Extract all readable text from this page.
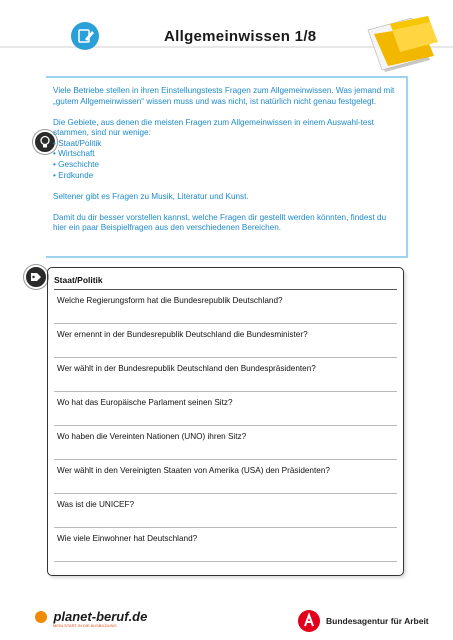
Allgemeinwissen 1/8

Viele Betriebe stellen in ihren Einstellungstests Fragen zum Allgemeinwissen. Was jemand mit „gutem Allgemeinwissen“ wissen muss und was nicht, ist natürlich nicht genau festgelegt.

Die Gebiete, aus denen die meisten Fragen zum Allgemeinwissen in einem Auswahl-test stammen, sind nur wenige:

• Staat/Politik
• Wirtschaft
• Geschichte
• Erdkunde

Seltener gibt es Fragen zu Musik, Literatur und Kunst.

Damit du dir besser vorstellen kannst, welche Fragen dir gestellt werden könnten, findest du hier ein paar Beispielfragen aus den verschiedenen Bereichen.

Staat/Politik
Welche Regierungsform hat die Bundesrepublik Deutschland?
Wer ernennt in der Bundesrepublik Deutschland die Bundesminister?
Wer wählt in der Bundesrepublik Deutschland den Bundespräsidenten?
Wo hat das Europäische Parlament seinen Sitz?
Wo haben die Vereinten Nationen (UNO) ihren Sitz?
Wer wählt in den Vereinigten Staaten von Amerika (USA) den Präsidenten?
Was ist die UNICEF?
Wie viele Einwohner hat Deutschland?
planet-beruf.de
MEIN START IN DIE AUSBILDUNG	Bundesagentur für Arbeit
